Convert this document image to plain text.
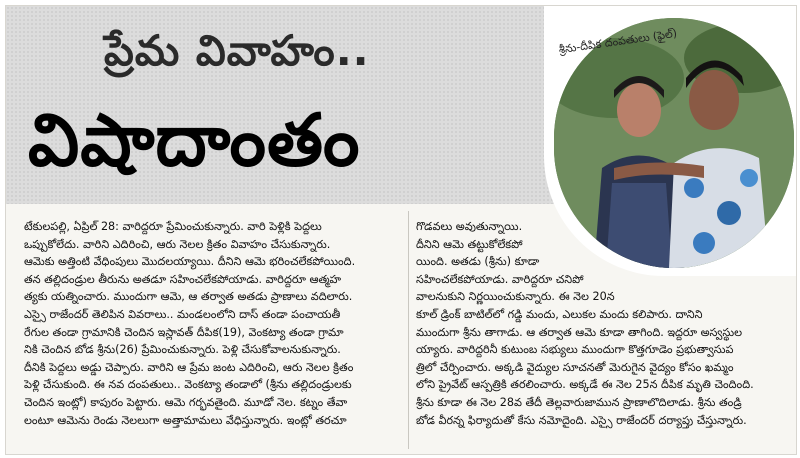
ప్రేమ వివాహం..
విషాదాంతం
శ్రీను-దీపిక దంపతులు (ఫైల్)

టేకులపల్లి, ఏప్రిల్ 28: వారిద్దరూ ప్రేమించుకున్నారు. వారి పెళ్లికి పెద్దలు

ఒప్పుకోలేదు. వారిని ఎదిరించి, ఆరు నెలల క్రితం వివాహం చేసుకున్నారు.

ఆమెకు అత్తింటి వేధింపులు మొదలయ్యాయి. దీనిని ఆమె భరించలేకపోయింది.

తన తల్లిదండ్రుల తీరును అతడూ సహించలేకపోయాడు. వారిద్దరూ ఆత్మహ

త్యకు యత్నించారు. ముందుగా ఆమె, ఆ తర్వాత అతడు ప్రాణాలు వదిలారు.

ఎస్సై రాజేందర్ తెలిపిన వివరాలు.. మండలంలోని దాస్ తండా పంచాయతీ

రేగుల తండా గ్రామానికి చెందిన ఇస్లావత్ దీపిక(19), వెంకట్యా తండా గ్రామా

నికి చెందిన బోడ శ్రీను(26) ప్రేమించుకున్నారు. పెళ్లి చేసుకోవాలనుకున్నారు.

దీనికి పెద్దలు అడ్డు చెప్పారు. వారిని ఆ ప్రేమ జంట ఎదిరించి, ఆరు నెలల క్రితం

పెళ్లి చేసుకుంది. ఈ నవ దంపతులు.. వెంకట్యా తండాలో (శ్రీను తల్లిదండ్రులకు

చెందిన ఇంట్లో) కాపురం పెట్టారు. ఆమె గర్భవతైంది. మూడో నెల. కట్నం తేవా

లంటూ ఆమెను రెండు నెలలుగా అత్తామామలు వేధిస్తున్నారు. ఇంట్లో తరచూ

గొడవలు అవుతున్నాయి.

దీనిని ఆమె తట్టుకోలేకపో

యింది. అతడు (శ్రీను) కూడా

సహించలేకపోయాడు. వారిద్దరూ చనిపో

వాలనుకుని నిర్ణయించుకున్నారు. ఈ నెల 20న

కూల్ డ్రింక్ బాటిల్‌లో గడ్డి మందు, ఎలుకల మందు కలిపారు. దానిని

ముందుగా శ్రీను తాగాడు. ఆ తర్వాత ఆమె కూడా తాగింది. ఇద్దరూ అస్వస్థుల

య్యారు. వారిద్దరినీ కుటుంబ సభ్యులు ముందుగా కొత్తగూడెం ప్రభుత్వాసుప

త్రిలో చేర్పించారు. అక్కడి వైద్యుల సూచనతో మెరుగైన వైద్యం కోసం ఖమ్మం

లోని ప్రైవేట్ ఆస్పత్రికి తరలించారు. అక్కడే ఈ నెల 25న దీపిక మృతి చెందింది.

శ్రీను కూడా ఈ నెల 28వ తేదీ తెల్లవారుజామున ప్రాణాలొదిలాడు. శ్రీను తండ్రి

బోడ వీరన్న ఫిర్యాదుతో కేసు నమోదైంది. ఎస్సై రాజేందర్ దర్యాప్తు చేస్తున్నారు.
